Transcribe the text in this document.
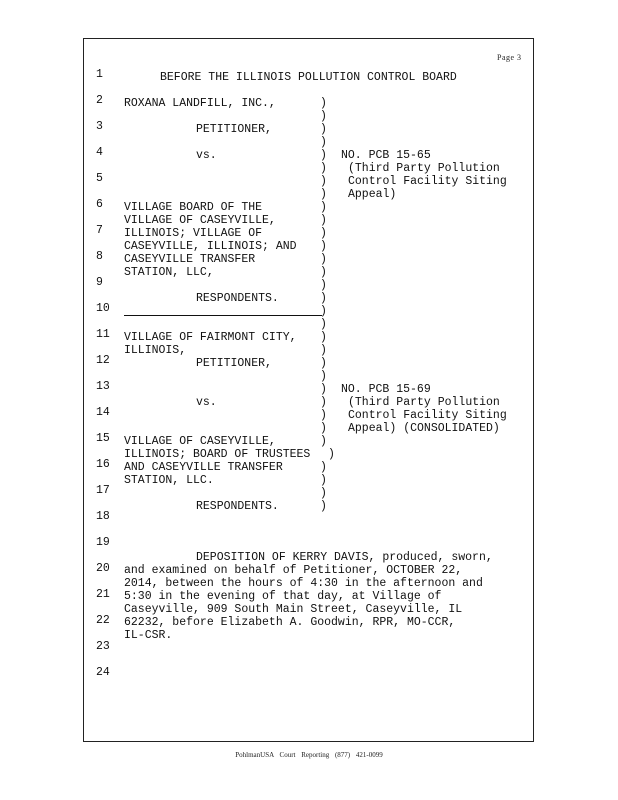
Page 3
1
2
3
4
5
6
7
8
9
10
11
12
13
14
15
16
17
18
19
20
21
22
23
24
BEFORE THE ILLINOIS POLLUTION CONTROL BOARD
ROXANA LANDFILL, INC.,
PETITIONER,
vs.
VILLAGE BOARD OF THE
VILLAGE OF CASEYVILLE,
ILLINOIS; VILLAGE OF
CASEYVILLE, ILLINOIS; AND
CASEYVILLE TRANSFER
STATION, LLC,
RESPONDENTS.
NO. PCB 15-65
(Third Party Pollution
Control Facility Siting
Appeal)
VILLAGE OF FAIRMONT CITY,
ILLINOIS,
PETITIONER,
vs.
VILLAGE OF CASEYVILLE,
ILLINOIS; BOARD OF TRUSTEES
AND CASEYVILLE TRANSFER
STATION, LLC.
RESPONDENTS.
NO. PCB 15-69
(Third Party Pollution
Control Facility Siting
Appeal) (CONSOLIDATED)
)
)
)
)
)
)
)
)
)
)
)
)
)
)
)
)
)
)
)
)
)
)
)
)
)
)
)
)
)
)
)
)
DEPOSITION OF KERRY DAVIS, produced, sworn,
and examined on behalf of Petitioner, OCTOBER 22,
2014, between the hours of 4:30 in the afternoon and
5:30 in the evening of that day, at Village of
Caseyville, 909 South Main Street, Caseyville, IL
62232, before Elizabeth A. Goodwin, RPR, MO-CCR,
IL-CSR.
PohlmanUSA Court Reporting (877) 421-0099
